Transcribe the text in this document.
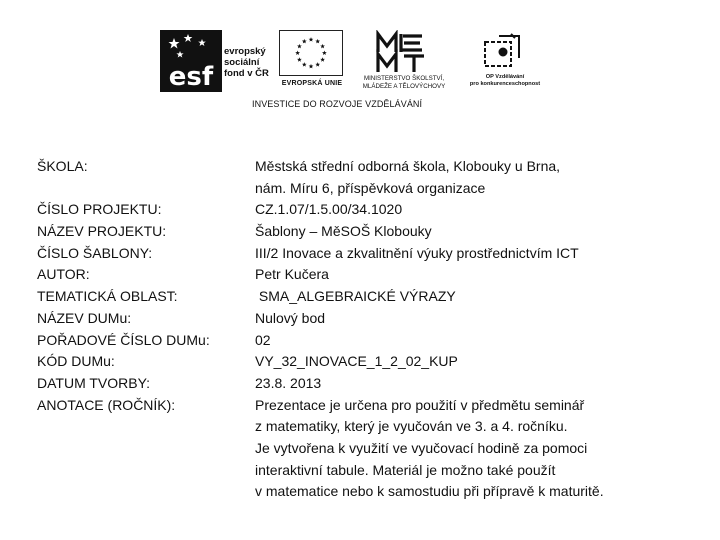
esf
evropský
sociální
fond v ČR
EVROPSKÁ UNIE
MINISTERSTVO ŠKOLSTVÍ,
MLÁDEŽE A TĚLOVÝCHOVY
OP Vzdělávání
pro konkurenceschopnost
INVESTICE DO ROZVOJE VZDĚLÁVÁNÍ
ŠKOLA:
ČÍSLO PROJEKTU:
NÁZEV PROJEKTU:
ČÍSLO ŠABLONY:
AUTOR:
TEMATICKÁ OBLAST:
NÁZEV DUMu:
POŘADOVÉ ČÍSLO DUMu:
KÓD DUMu:
DATUM TVORBY:
ANOTACE (ROČNÍK):
Městská střední odborná škola, Klobouky u Brna,
nám. Míru 6, příspěvková organizace
CZ.1.07/1.5.00/34.1020
Šablony – MěSOŠ Klobouky
III/2 Inovace a zkvalitnění výuky prostřednictvím ICT
Petr Kučera
SMA_ALGEBRAICKÉ VÝRAZY
Nulový bod
02
VY_32_INOVACE_1_2_02_KUP
23.8. 2013
Prezentace je určena pro použití v předmětu seminář
z matematiky, který je vyučován ve 3. a 4. ročníku.
Je vytvořena k využití ve vyučovací hodině za pomoci
interaktivní tabule. Materiál je možno také použít
v matematice nebo k samostudiu při přípravě k maturitě.
